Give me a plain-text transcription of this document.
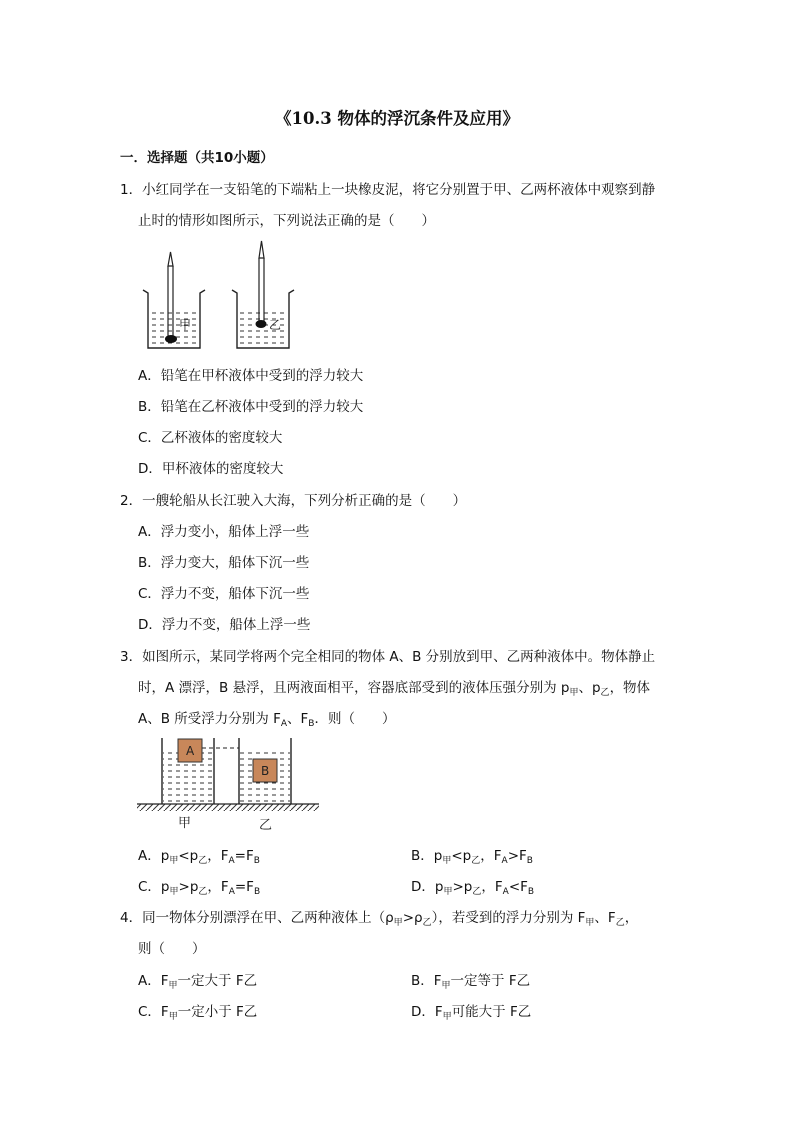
《10.3 物体的浮沉条件及应用》
一．选择题（共10小题）
1．小红同学在一支铅笔的下端粘上一块橡皮泥，将它分别置于甲、乙两杯液体中观察到静
止时的情形如图所示，下列说法正确的是（　　）
甲	乙
A．铅笔在甲杯液体中受到的浮力较大
B．铅笔在乙杯液体中受到的浮力较大
C．乙杯液体的密度较大
D．甲杯液体的密度较大
2．一艘轮船从长江驶入大海，下列分析正确的是（　　）
A．浮力变小，船体上浮一些
B．浮力变大，船体下沉一些
C．浮力不变，船体下沉一些
D．浮力不变，船体上浮一些
3．如图所示，某同学将两个完全相同的物体 A、B 分别放到甲、乙两种液体中。物体静止
时，A 漂浮，B 悬浮，且两液面相平，容器底部受到的液体压强分别为 $p_甲$、$p_乙$，物体
A、B 所受浮力分别为 $F_A$、$F_B$．则（　　）
A
B
甲	乙
A．$p_甲<p_乙$，$F_A=F_B$	B．$p_甲<p_乙$，$F_A>F_B$
C．$p_甲>p_乙$，$F_A=F_B$	D．$p_甲>p_乙$，$F_A<F_B$
4．同一物体分别漂浮在甲、乙两种液体上$(\rho_甲>\rho_乙)$，若受到的浮力分别为 $F_甲$、$F_乙$，
则（　　）
A．$F_甲$一定大于 F乙	B．$F_甲$一定等于 F乙
C．$F_甲$一定小于 F乙	D．$F_甲$可能大于 F乙
